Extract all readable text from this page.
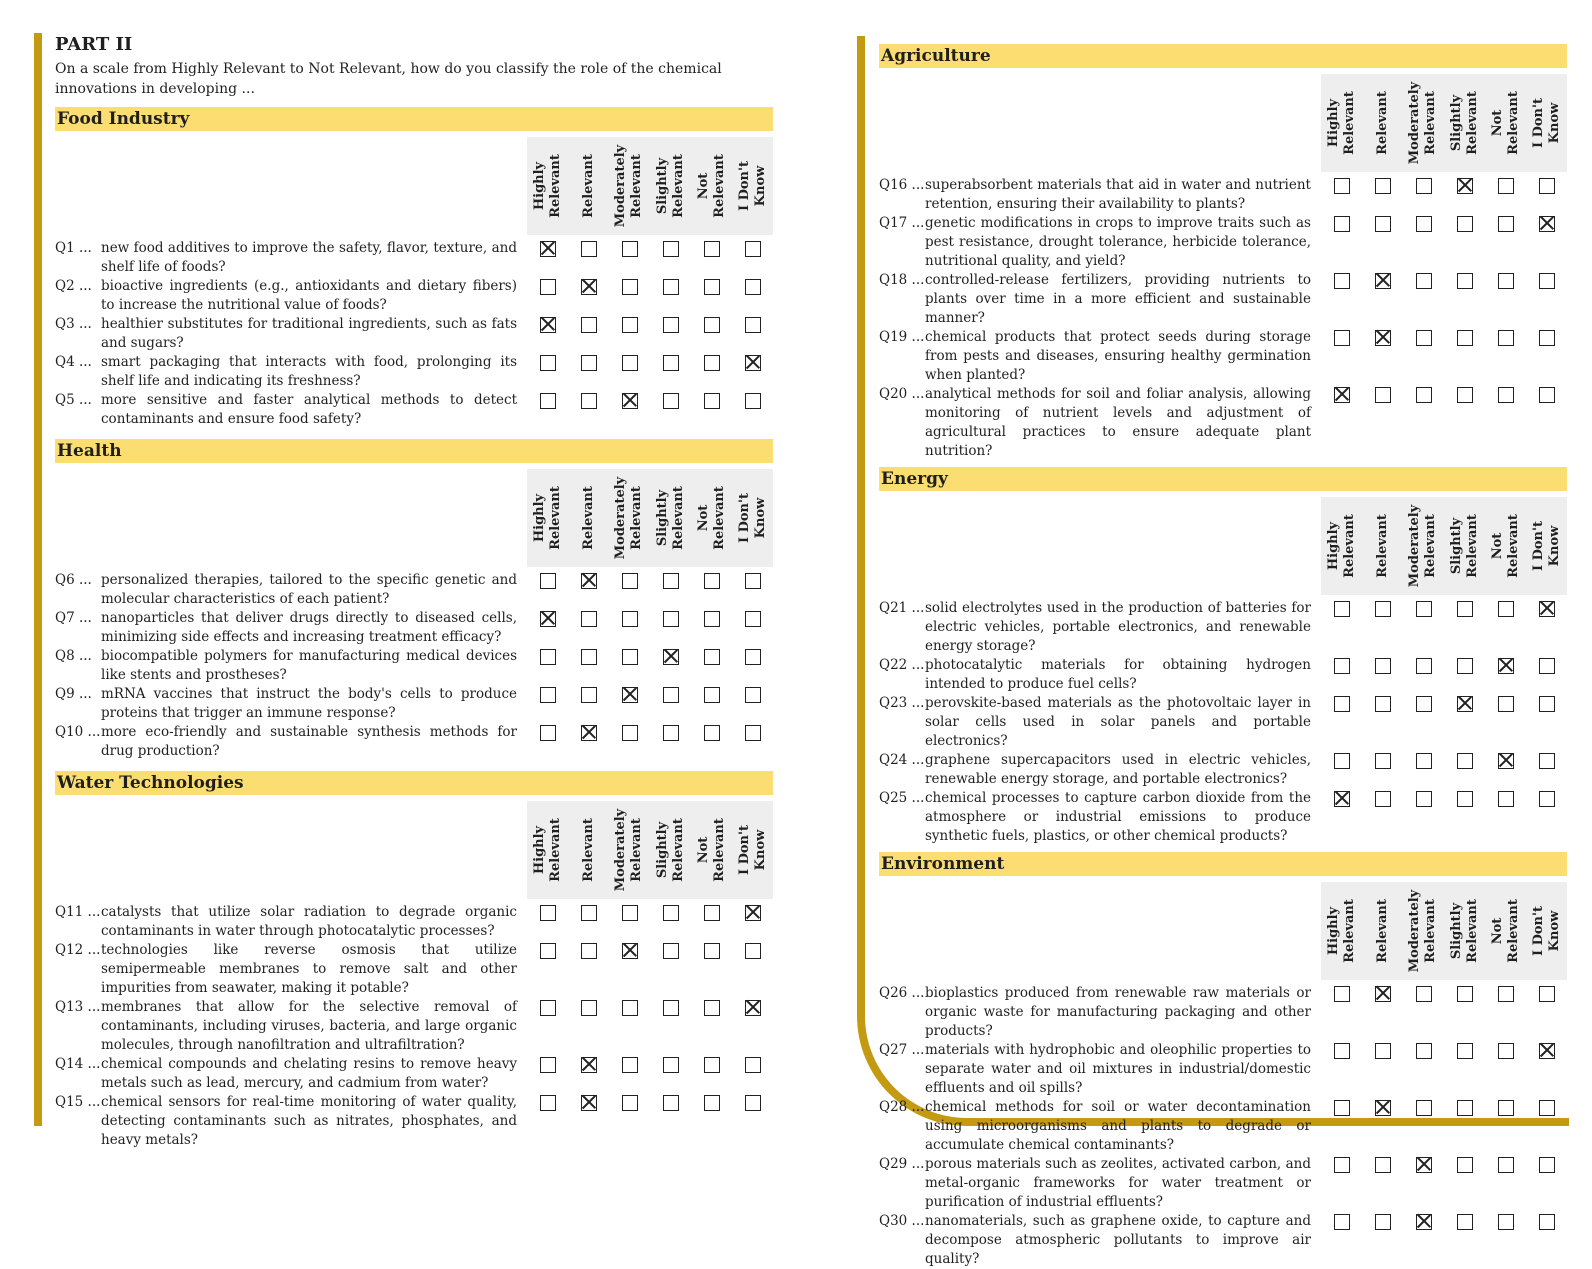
PART II
On a scale from Highly Relevant to Not Relevant, how do you classify the role of the chemical innovations in developing ...
Food Industry
Highly
Relevant Relevant Moderately
Relevant Slightly
Relevant Not
Relevant I Don't
Know
Q1 ... new food additives to improve the safety, flavor, texture, and shelf life of foods?
Q2 ... bioactive ingredients (e.g., antioxidants and dietary fibers) to increase the nutritional value of foods?
Q3 ... healthier substitutes for traditional ingredients, such as fats and sugars?
Q4 ... smart packaging that interacts with food, prolonging its shelf life and indicating its freshness?
Q5 ... more sensitive and faster analytical methods to detect contaminants and ensure food safety?
Health
Highly
Relevant Relevant Moderately
Relevant Slightly
Relevant Not
Relevant I Don't
Know
Q6 ... personalized therapies, tailored to the specific genetic and molecular characteristics of each patient?
Q7 ... nanoparticles that deliver drugs directly to diseased cells, minimizing side effects and increasing treatment efficacy?
Q8 ... biocompatible polymers for manufacturing medical devices like stents and prostheses?
Q9 ... mRNA vaccines that instruct the body's cells to produce proteins that trigger an immune response?
Q10 ... more eco-friendly and sustainable synthesis methods for drug production?
Water Technologies
Highly
Relevant Relevant Moderately
Relevant Slightly
Relevant Not
Relevant I Don't
Know
Q11 ... catalysts that utilize solar radiation to degrade organic contaminants in water through photocatalytic processes?
Q12 ... technologies like reverse osmosis that utilize semipermeable membranes to remove salt and other impurities from seawater, making it potable?
Q13 ... membranes that allow for the selective removal of contaminants, including viruses, bacteria, and large organic molecules, through nanofiltration and ultrafiltration?
Q14 ... chemical compounds and chelating resins to remove heavy metals such as lead, mercury, and cadmium from water?
Q15 ... chemical sensors for real-time monitoring of water quality, detecting contaminants such as nitrates, phosphates, and heavy metals?
Agriculture
Highly
Relevant Relevant Moderately
Relevant Slightly
Relevant Not
Relevant I Don't
Know
Q16 ... superabsorbent materials that aid in water and nutrient retention, ensuring their availability to plants?
Q17 ... genetic modifications in crops to improve traits such as pest resistance, drought tolerance, herbicide tolerance, nutritional quality, and yield?
Q18 ... controlled-release fertilizers, providing nutrients to plants over time in a more efficient and sustainable manner?
Q19 ... chemical products that protect seeds during storage from pests and diseases, ensuring healthy germination when planted?
Q20 ... analytical methods for soil and foliar analysis, allowing monitoring of nutrient levels and adjustment of agricultural practices to ensure adequate plant nutrition?
Energy
Highly
Relevant Relevant Moderately
Relevant Slightly
Relevant Not
Relevant I Don't
Know
Q21 ... solid electrolytes used in the production of batteries for electric vehicles, portable electronics, and renewable energy storage?
Q22 ... photocatalytic materials for obtaining hydrogen intended to produce fuel cells?
Q23 ... perovskite-based materials as the photovoltaic layer in solar cells used in solar panels and portable electronics?
Q24 ... graphene supercapacitors used in electric vehicles, renewable energy storage, and portable electronics?
Q25 ... chemical processes to capture carbon dioxide from the atmosphere or industrial emissions to produce synthetic fuels, plastics, or other chemical products?
Environment
Highly
Relevant Relevant Moderately
Relevant Slightly
Relevant Not
Relevant I Don't
Know
Q26 ... bioplastics produced from renewable raw materials or organic waste for manufacturing packaging and other products?
Q27 ... materials with hydrophobic and oleophilic properties to separate water and oil mixtures in industrial/domestic effluents and oil spills?
Q28 ... chemical methods for soil or water decontamination using microorganisms and plants to degrade or accumulate chemical contaminants?
Q29 ... porous materials such as zeolites, activated carbon, and metal-organic frameworks for water treatment or purification of industrial effluents?
Q30 ... nanomaterials, such as graphene oxide, to capture and decompose atmospheric pollutants to improve air quality?
